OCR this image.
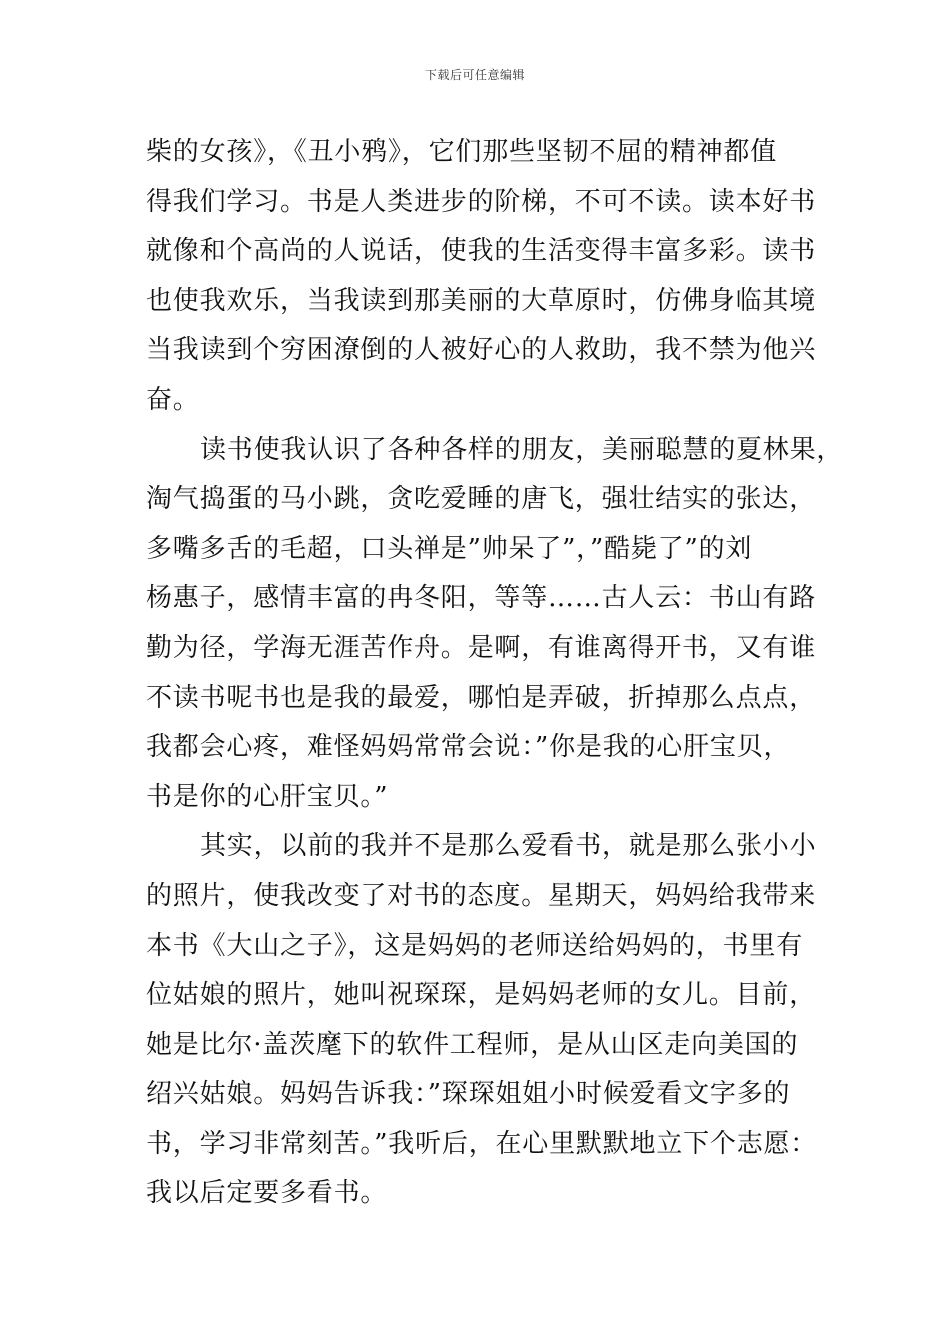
下载后可任意编辑
柴的女孩》，《丑小鸦》，它们那些坚韧不屈的精神都值
得我们学习。书是人类进步的阶梯，不可不读。读本好书
就像和个高尚的人说话，使我的生活变得丰富多彩。读书
也使我欢乐，当我读到那美丽的大草原时，仿佛身临其境
当我读到个穷困潦倒的人被好心的人救助，我不禁为他兴
奋。
读书使我认识了各种各样的朋友，美丽聪慧的夏林果，
淘气捣蛋的马小跳，贪吃爱睡的唐飞，强壮结实的张达，
多嘴多舌的毛超，口头禅是”帅呆了”，”酷毙了”的刘
杨惠子，感情丰富的冉冬阳，等等……古人云：书山有路
勤为径，学海无涯苦作舟。是啊，有谁离得开书，又有谁
不读书呢书也是我的最爱，哪怕是弄破，折掉那么点点，
我都会心疼，难怪妈妈常常会说：”你是我的心肝宝贝，
书是你的心肝宝贝。”
其实，以前的我并不是那么爱看书，就是那么张小小
的照片，使我改变了对书的态度。星期天，妈妈给我带来
本书《大山之子》，这是妈妈的老师送给妈妈的，书里有
位姑娘的照片，她叫祝琛琛，是妈妈老师的女儿。目前，
她是比尔·盖茨麾下的软件工程师，是从山区走向美国的
绍兴姑娘。妈妈告诉我：”琛琛姐姐小时候爱看文字多的
书，学习非常刻苦。”我听后，在心里默默地立下个志愿：
我以后定要多看书。
